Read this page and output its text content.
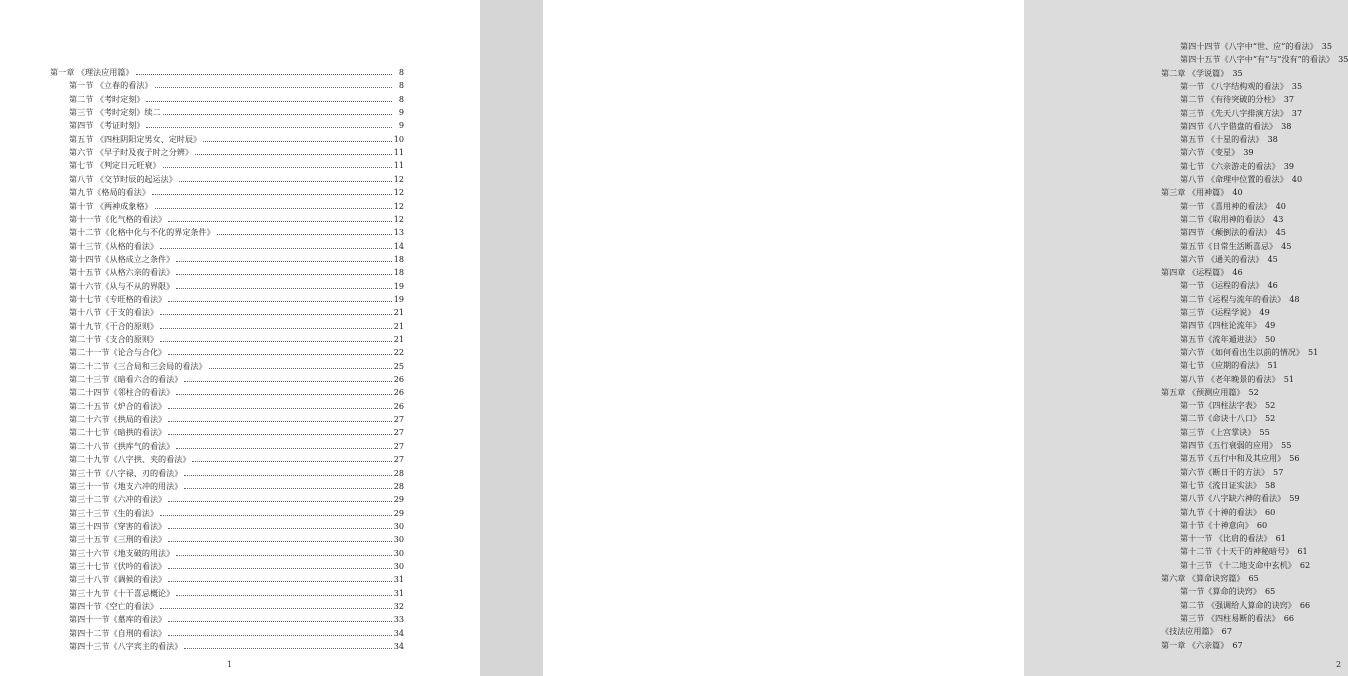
第一章 《理法应用篇》	8
第一节 《立春的看法》	8
第二节 《考时定刻》	8
第三节 《考时定刻》续二	9
第四节 《考证时刻》	9
第五节 《四柱阴阳定男女、定时辰》	10
第六节 《早子时及夜子时之分辨》	11
第七节 《判定日元旺衰》	11
第八节 《交节时辰的起运法》	12
第九节《格局的看法》	12
第十节 《两神成象格》	12
第十一节《化气格的看法》	12
第十二节《化格中化与不化的界定条件》	13
第十三节《从格的看法》	14
第十四节《从格成立之条件》	18
第十五节《从格六亲的看法》	18
第十六节《从与不从的界限》	19
第十七节《专旺格的看法》	19
第十八节《干支的看法》	21
第十九节《干合的原则》	21
第二十节《支合的原则》	21
第二十一节《论合与合化》	22
第二十二节《三合局和三会局的看法》	25
第二十三节《暗看六合的看法》	26
第二十四节《邻柱合的看法》	26
第二十五节《炉合的看法》	26
第二十六节《拱局的看法》	27
第二十七节《暗拱的看法》	27
第二十八节《拱库气的看法》	27
第二十九节《八字拱、夹的看法》	27
第三十节《八字禄、刃的看法》	28
第三十一节《地支六冲的用法》	28
第三十二节《六冲的看法》	29
第三十三节《生的看法》	29
第三十四节《穿害的看法》	30
第三十五节《三刑的看法》	30
第三十六节《地支破的用法》	30
第三十七节《伏吟的看法》	30
第三十八节《调候的看法》	31
第三十九节《十干喜忌概论》	31
第四十节《空亡的看法》	32
第四十一节《墓库的看法》	33
第四十二节《自刑的看法》	34
第四十三节《八字宾主的看法》	34
1
第四十四节《八字中“世、应”的看法》 35
第四十五节《八字中“有”与“没有”的看法》 35
第二章 《学说篇》 35
第一节 《八字结构观的看法》 35
第二节 《有待突破的分柱》 37
第三节 《先天八字排演方法》 37
第四节《八字借盘的看法》 38
第五节 《十星的看法》 38
第六节 《变星》 39
第七节 《六亲游走的看法》 39
第八节 《命理中位置的看法》 40
第三章 《用神篇》 40
第一节 《喜用神的看法》 40
第二节《取用神的看法》 43
第四节 《颠倒法的看法》 45
第五节《日常生活断喜忌》 45
第六节 《通关的看法》 45
第四章 《运程篇》 46
第一节 《运程的看法》 46
第二节《运程与流年的看法》 48
第三节 《运程学说》 49
第四节《四柱论流年》 49
第五节《流年遁进法》 50
第六节 《如何看出生以前的情况》 51
第七节 《应期的看法》 51
第八节 《老年晚景的看法》 51
第五章 《预测应用篇》 52
第一节《四柱法字表》 52
第二节《命诀十八口》 52
第三节 《上宫掌诀》 55
第四节《五行衰弱的应用》 55
第五节《五行中和及其应用》 56
第六节《断日干的方法》 57
第七节《流日证实法》 58
第八节《八字缺六神的看法》 59
第九节《十神的看法》 60
第十节《十神意向》 60
第十一节 《比肩的看法》 61
第十二节《十天干的神秘暗号》 61
第十三节 《十二地支命中玄机》 62
第六章 《算命诀窍篇》 65
第一节《算命的诀窍》 65
第二节 《强调给人算命的诀窍》 66
第三节 《四柱易断的看法》 66
《技法应用篇》 67
第一章 《六亲篇》 67
2
